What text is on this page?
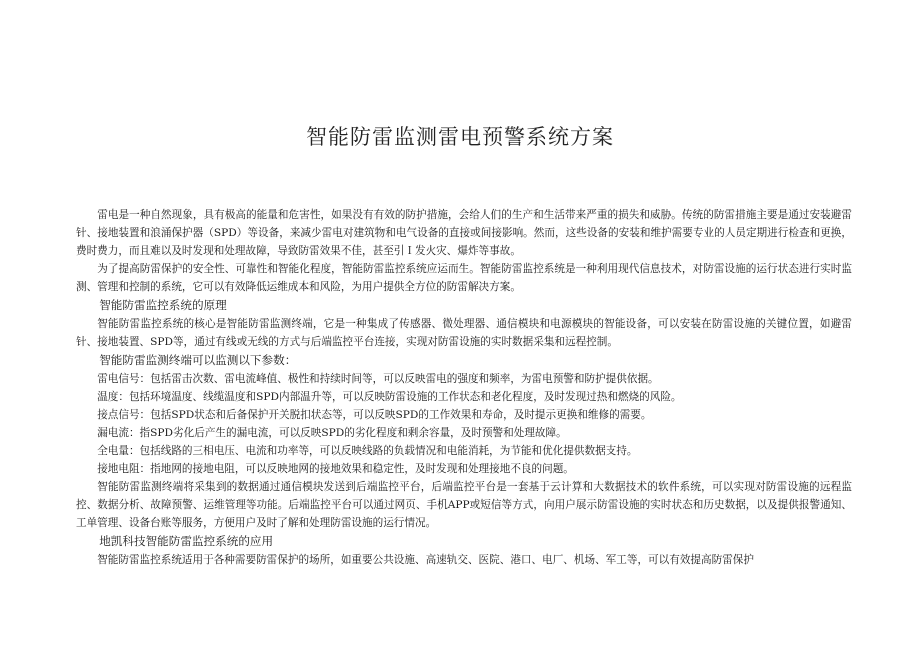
智能防雷监测雷电预警系统方案

雷电是一种自然现象，具有极高的能量和危害性，如果没有有效的防护措施，会给人们的生产和生活带来严重的损失和威胁。传统的防雷措施主要是通过安装避雷针、接地装置和浪涌保护器（SPD）等设备，来减少雷电对建筑物和电气设备的直接或间接影响。然而，这些设备的安装和维护需要专业的人员定期进行检查和更换，费时费力，而且难以及时发现和处理故障，导致防雷效果不佳，甚至引Ｉ发火灾、爆炸等事故。

为了提高防雷保护的安全性、可靠性和智能化程度，智能防雷监控系统应运而生。智能防雷监控系统是一种利用现代信息技术，对防雷设施的运行状态进行实时监测、管理和控制的系统，它可以有效降低运维成本和风险，为用户提供全方位的防雷解决方案。

智能防雷监控系统的原理

智能防雷监控系统的核心是智能防雷监测终端，它是一种集成了传感器、微处理器、通信模块和电源模块的智能设备，可以安装在防雷设施的关键位置，如避雷针、接地装置、SPD等，通过有线或无线的方式与后端监控平台连接，实现对防雷设施的实时数据采集和远程控制。

智能防雷监测终端可以监测以下参数：

雷电信号：包括雷击次数、雷电流峰值、极性和持续时间等，可以反映雷电的强度和频率，为雷电预警和防护提供依据。

温度：包括环境温度、线缆温度和SPD内部温升等，可以反映防雷设施的工作状态和老化程度，及时发现过热和燃烧的风险。

接点信号：包括SPD状态和后备保护开关脱扣状态等，可以反映SPD的工作效果和寿命，及时提示更换和维修的需要。

漏电流：指SPD劣化后产生的漏电流，可以反映SPD的劣化程度和剩余容量，及时预警和处理故障。

全电量：包括线路的三相电压、电流和功率等，可以反映线路的负载情况和电能消耗，为节能和优化提供数据支持。

接地电阻：指地网的接地电阻，可以反映地网的接地效果和稳定性，及时发现和处理接地不良的问题。

智能防雷监测终端将采集到的数据通过通信模块发送到后端监控平台，后端监控平台是一套基于云计算和大数据技术的软件系统，可以实现对防雷设施的远程监控、数据分析、故障预警、运维管理等功能。后端监控平台可以通过网页、手机APP或短信等方式，向用户展示防雷设施的实时状态和历史数据，以及提供报警通知、工单管理、设备台账等服务，方便用户及时了解和处理防雷设施的运行情况。

地凯科技智能防雷监控系统的应用

智能防雷监控系统适用于各种需要防雷保护的场所，如重要公共设施、高速轨交、医院、港口、电厂、机场、军工等，可以有效提高防雷保护
